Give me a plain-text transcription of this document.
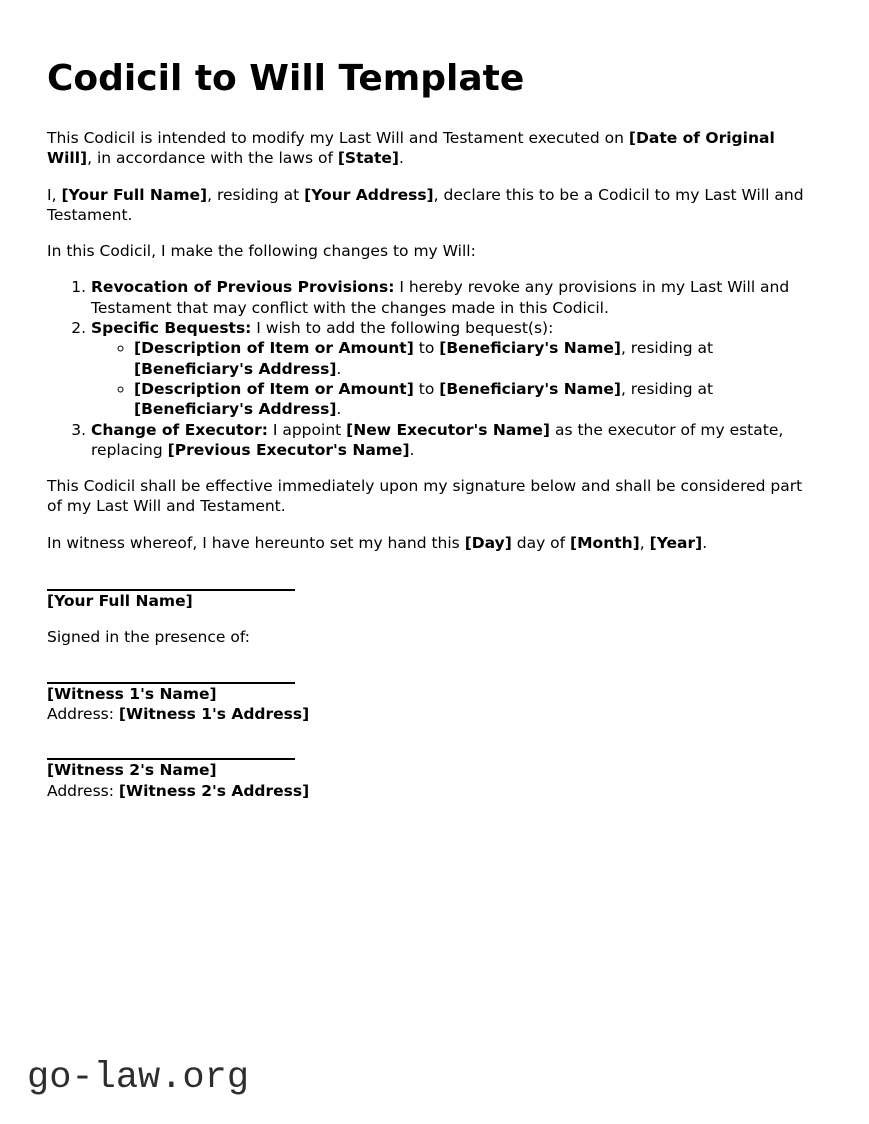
Codicil to Will Template

This Codicil is intended to modify my Last Will and Testament executed on [Date of Original Will], in accordance with the laws of [State].

I, [Your Full Name], residing at [Your Address], declare this to be a Codicil to my Last Will and Testament.

In this Codicil, I make the following changes to my Will:

1. Revocation of Previous Provisions: I hereby revoke any provisions in my Last Will and Testament that may conflict with the changes made in this Codicil.
2. Specific Bequests: I wish to add the following bequest(s):
◦ [Description of Item or Amount] to [Beneficiary's Name], residing at [Beneficiary's Address].
◦ [Description of Item or Amount] to [Beneficiary's Name], residing at [Beneficiary's Address].
3. Change of Executor: I appoint [New Executor's Name] as the executor of my estate, replacing [Previous Executor's Name].

This Codicil shall be effective immediately upon my signature below and shall be considered part of my Last Will and Testament.

In witness whereof, I have hereunto set my hand this [Day] day of [Month], [Year].

[Your Full Name]

Signed in the presence of:

[Witness 1's Name]

Address: [Witness 1's Address]

[Witness 2's Name]

Address: [Witness 2's Address]

go-law.org
